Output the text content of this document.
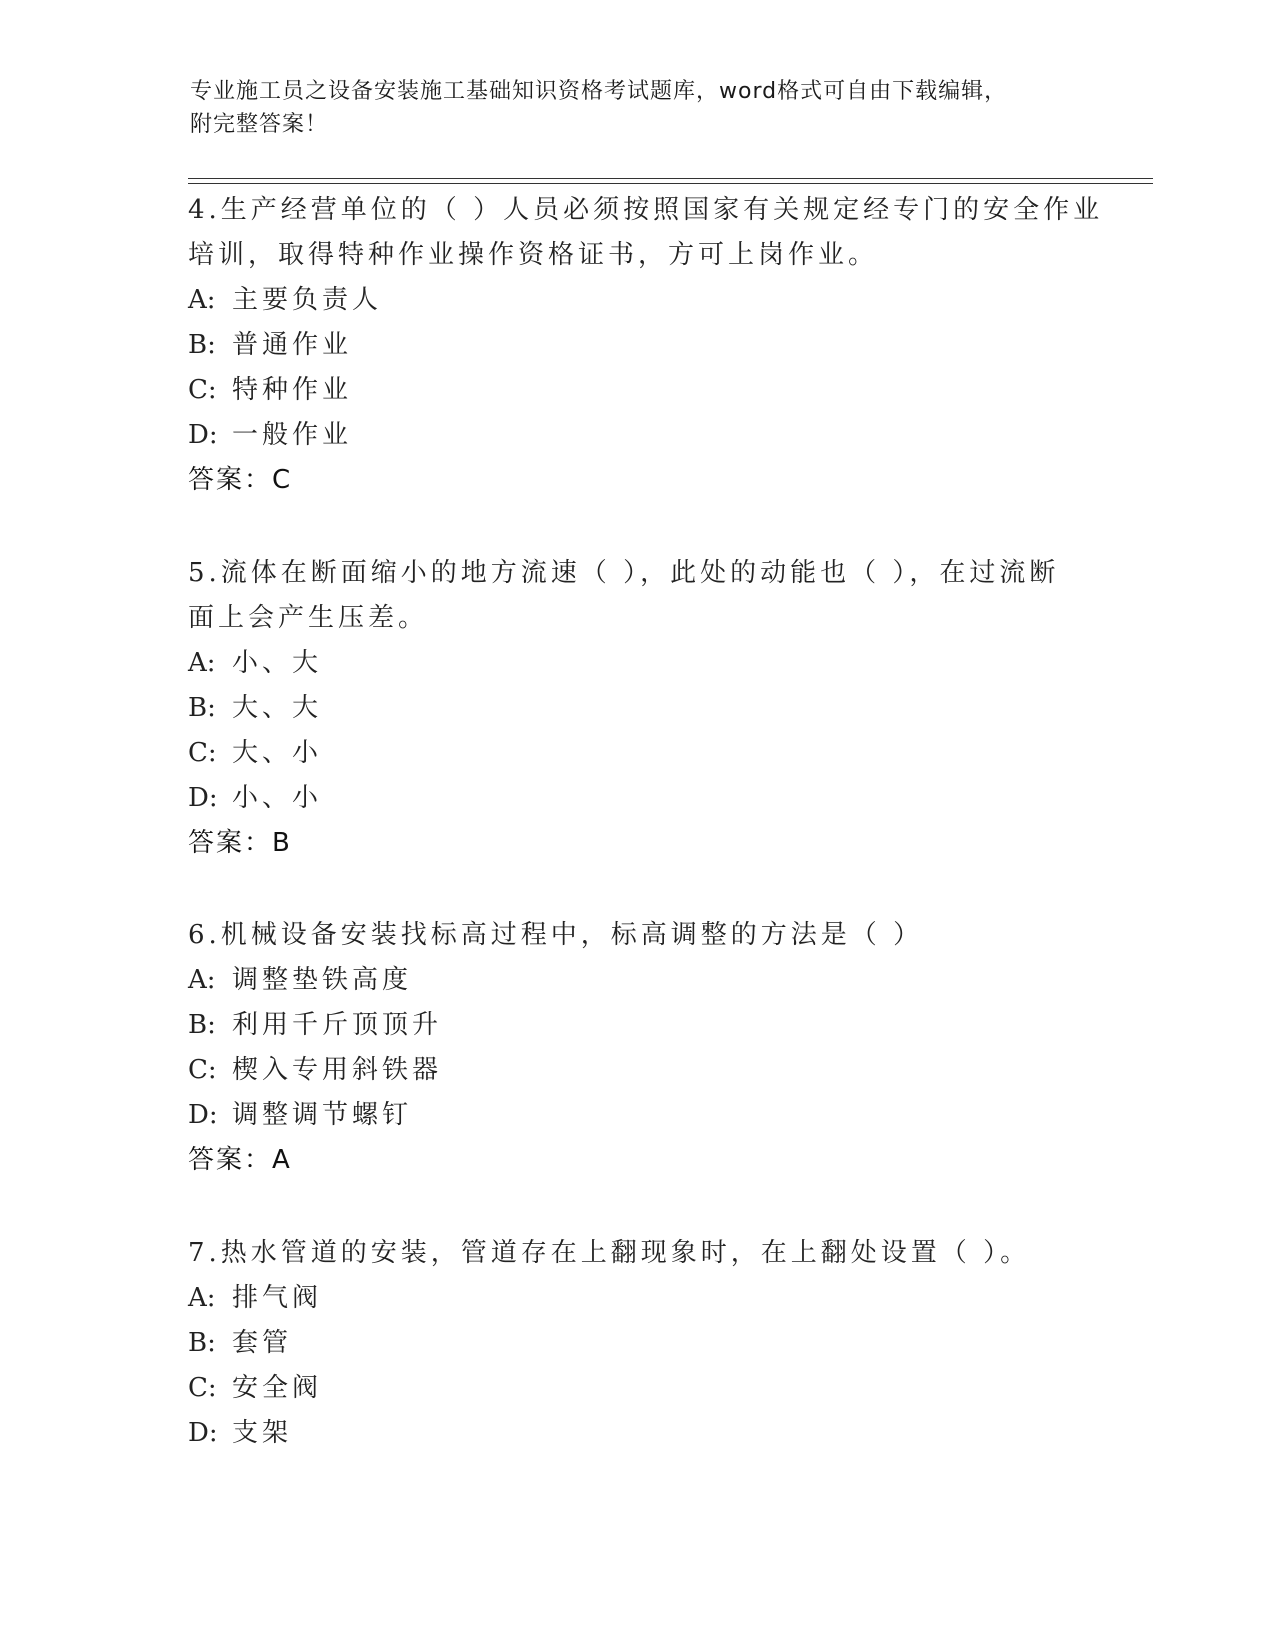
专业施工员之设备安装施工基础知识资格考试题库，word格式可自由下载编辑，
附完整答案！
4.生产经营单位的（ ）人员必须按照国家有关规定经专门的安全作业
培训，取得特种作业操作资格证书，方可上岗作业。
A: 主要负责人
B: 普通作业
C: 特种作业
D: 一般作业
答案：C
5.流体在断面缩小的地方流速（ ），此处的动能也（ ），在过流断
面上会产生压差。
A: 小、大
B: 大、大
C: 大、小
D: 小、小
答案：B
6.机械设备安装找标高过程中，标高调整的方法是（ ）
A: 调整垫铁高度
B: 利用千斤顶顶升
C: 楔入专用斜铁器
D: 调整调节螺钉
答案：A
7.热水管道的安装，管道存在上翻现象时，在上翻处设置（ ）。
A: 排气阀
B: 套管
C: 安全阀
D: 支架
